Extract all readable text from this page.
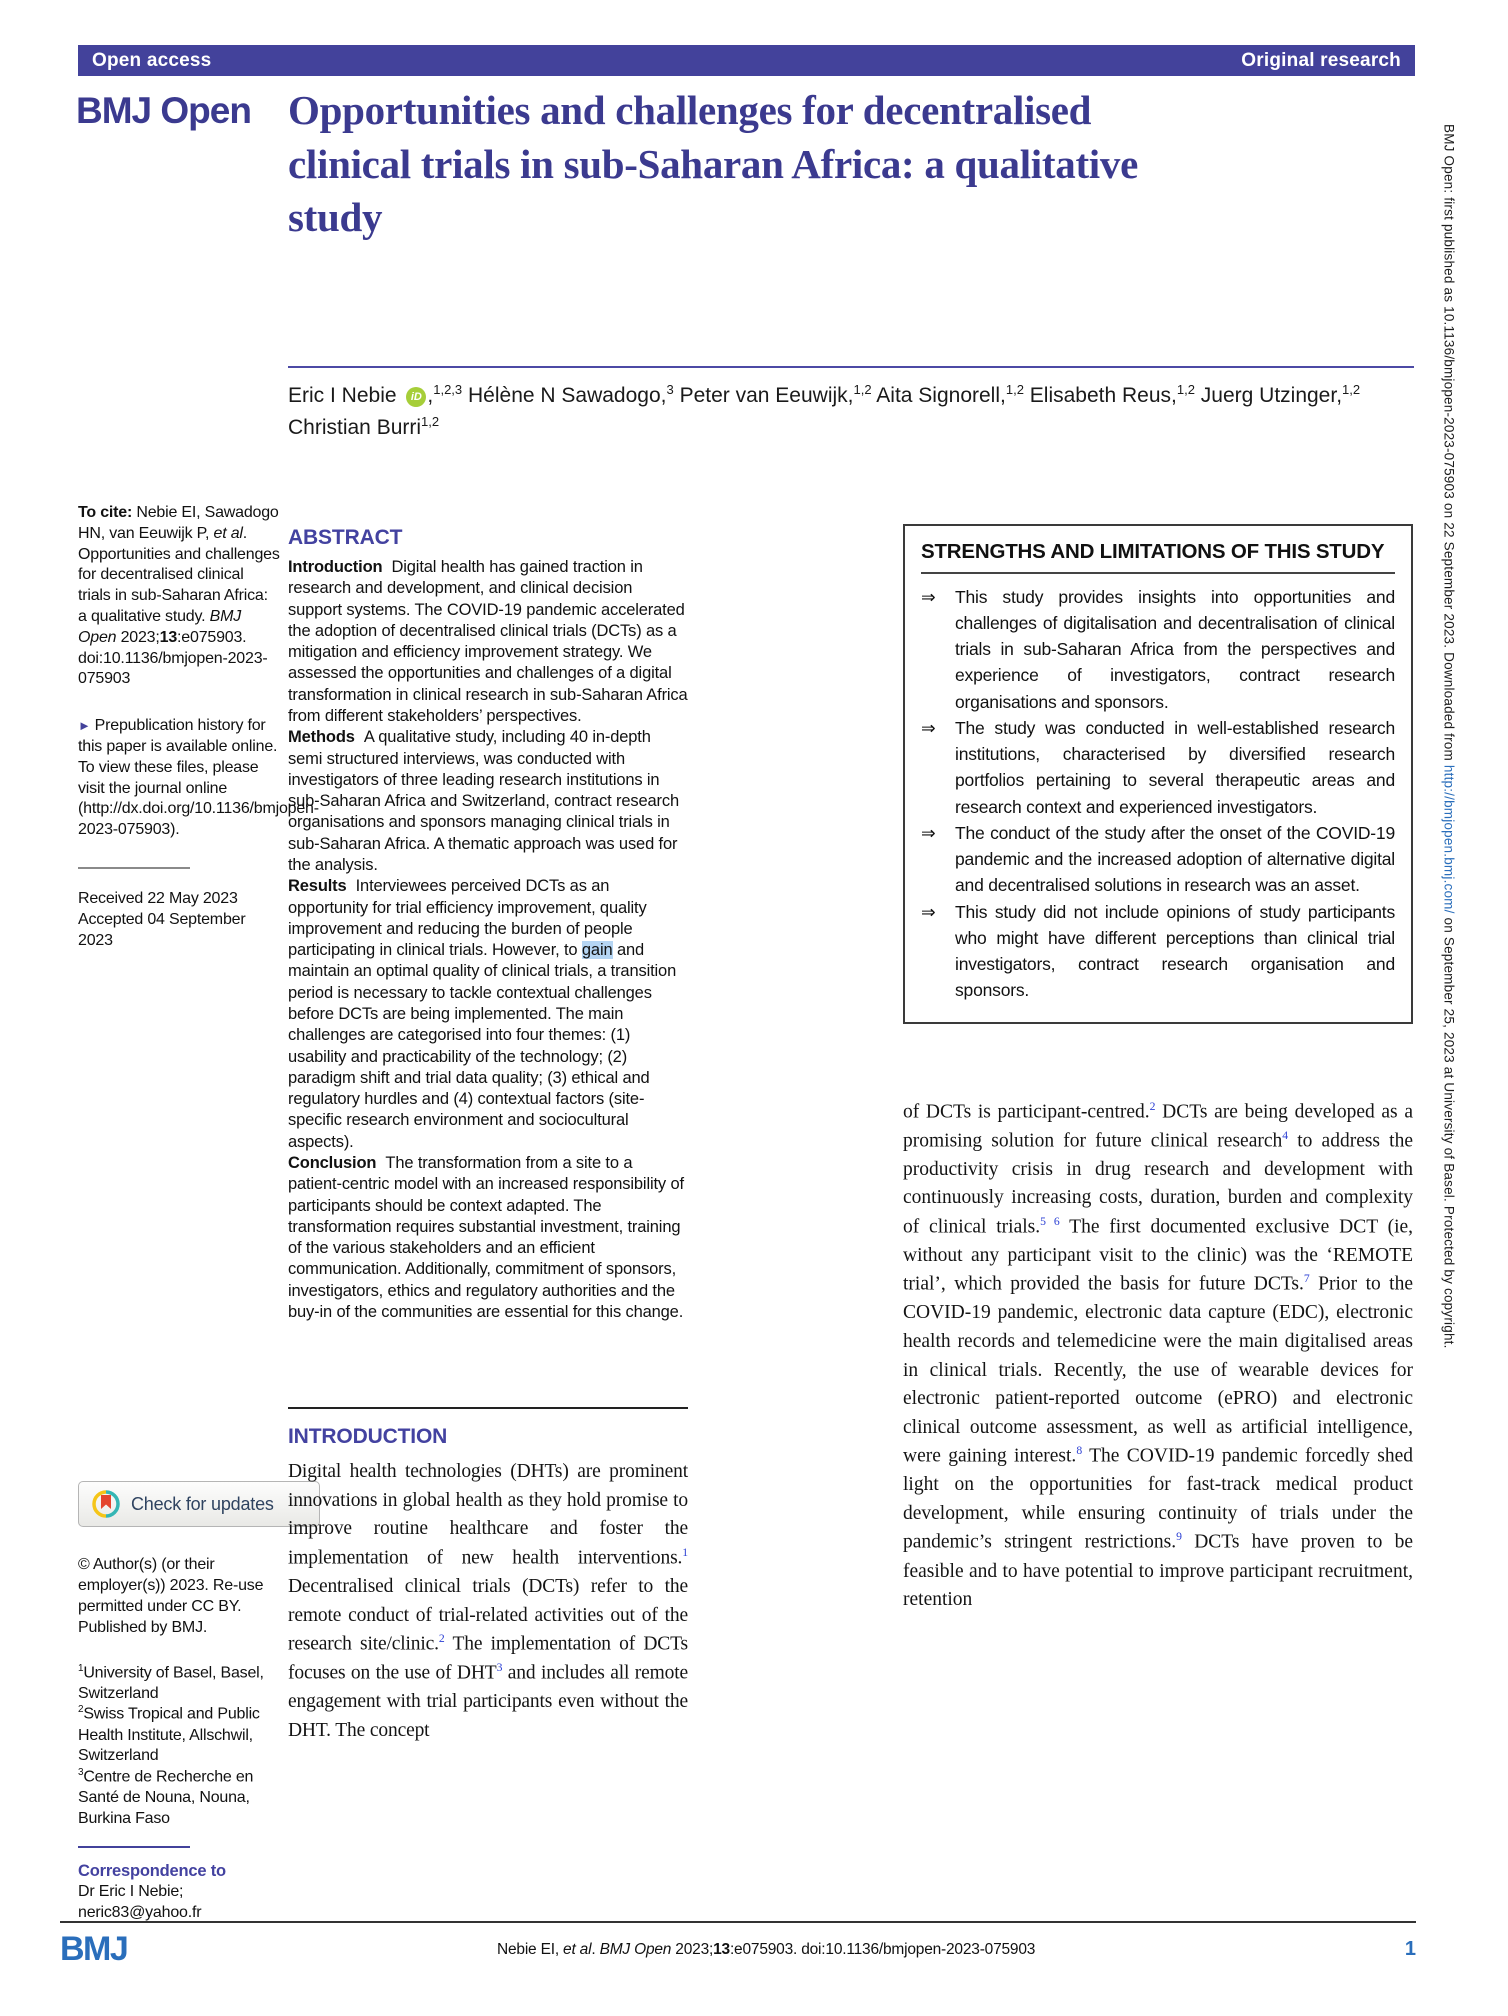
Open access	Original research
BMJ Open Opportunities and challenges for decentralised clinical trials in sub-Saharan Africa: a qualitative study
Eric I Nebie iD ,$^{1,2,3}$ Hélène N Sawadogo,$^3$ Peter van Eeuwijk,$^{1,2}$ Aita Signorell,$^{1,2}$ Elisabeth Reus,$^{1,2}$ Juerg Utzinger,$^{1,2}$ Christian Burri$^{1,2}$
To cite: Nebie EI, Sawadogo HN, van Eeuwijk P, et al. Opportunities and challenges for decentralised clinical trials in sub-Saharan Africa: a qualitative study. BMJ Open 2023;13:e075903. doi:10.1136/bmjopen-2023-075903
► Prepublication history for this paper is available online. To view these files, please visit the journal online (http://dx.doi.org/10.1136/bmjopen-2023-075903).
Received 22 May 2023
Accepted 04 September 2023
Check for updates
© Author(s) (or their employer(s)) 2023. Re-use permitted under CC BY. Published by BMJ.
$^1$University of Basel, Basel, Switzerland
$^2$Swiss Tropical and Public Health Institute, Allschwil, Switzerland
$^3$Centre de Recherche en Santé de Nouna, Nouna, Burkina Faso
Correspondence to
Dr Eric I Nebie;
neric83@yahoo.fr
ABSTRACT

Introduction Digital health has gained traction in research and development, and clinical decision support systems. The COVID-19 pandemic accelerated the adoption of decentralised clinical trials (DCTs) as a mitigation and efficiency improvement strategy. We assessed the opportunities and challenges of a digital transformation in clinical research in sub-Saharan Africa from different stakeholders’ perspectives.

Methods A qualitative study, including 40 in-depth semi structured interviews, was conducted with investigators of three leading research institutions in sub-Saharan Africa and Switzerland, contract research organisations and sponsors managing clinical trials in sub-Saharan Africa. A thematic approach was used for the analysis.

Results Interviewees perceived DCTs as an opportunity for trial efficiency improvement, quality improvement and reducing the burden of people participating in clinical trials. However, to gain and maintain an optimal quality of clinical trials, a transition period is necessary to tackle contextual challenges before DCTs are being implemented. The main challenges are categorised into four themes: (1) usability and practicability of the technology; (2) paradigm shift and trial data quality; (3) ethical and regulatory hurdles and (4) contextual factors (site-specific research environment and sociocultural aspects).

Conclusion The transformation from a site to a patient-centric model with an increased responsibility of participants should be context adapted. The transformation requires substantial investment, training of the various stakeholders and an efficient communication. Additionally, commitment of sponsors, investigators, ethics and regulatory authorities and the buy-in of the communities are essential for this change.

INTRODUCTION
Digital health technologies (DHTs) are prominent innovations in global health as they hold promise to improve routine healthcare and foster the implementation of new health interventions.$^1$ Decentralised clinical trials (DCTs) refer to the remote conduct of trial-related activities out of the research site/clinic.$^2$ The implementation of DCTs focuses on the use of DHT$^3$ and includes all remote engagement with trial participants even without the DHT. The concept
STRENGTHS AND LIMITATIONS OF THIS STUDY
⇒	This study provides insights into opportunities and challenges of digitalisation and decentralisation of clinical trials in sub-Saharan Africa from the perspectives and experience of investigators, contract research organisations and sponsors.
⇒	The study was conducted in well-established research institutions, characterised by diversified research portfolios pertaining to several therapeutic areas and research context and experienced investigators.
⇒	The conduct of the study after the onset of the COVID-19 pandemic and the increased adoption of alternative digital and decentralised solutions in research was an asset.
⇒	This study did not include opinions of study participants who might have different perceptions than clinical trial investigators, contract research organisation and sponsors.
of DCTs is participant-centred.$^2$ DCTs are being developed as a promising solution for future clinical research$^4$ to address the productivity crisis in drug research and development with continuously increasing costs, duration, burden and complexity of clinical trials.$^{5 6}$ The first documented exclusive DCT (ie, without any participant visit to the clinic) was the ‘REMOTE trial’, which provided the basis for future DCTs.$^7$ Prior to the COVID-19 pandemic, electronic data capture (EDC), electronic health records and telemedicine were the main digitalised areas in clinical trials. Recently, the use of wearable devices for electronic patient-reported outcome (ePRO) and electronic clinical outcome assessment, as well as artificial intelligence, were gaining interest.$^8$ The COVID-19 pandemic forcedly shed light on the opportunities for fast-track medical product development, while ensuring continuity of trials under the pandemic’s stringent restrictions.$^9$ DCTs have proven to be feasible and to have potential to improve participant recruitment, retention
BMJ	Nebie EI, et al. BMJ Open 2023;13:e075903. doi:10.1136/bmjopen-2023-075903	1
BMJ Open: first published as 10.1136/bmjopen-2023-075903 on 22 September 2023. Downloaded from http://bmjopen.bmj.com/ on September 25, 2023 at University of Basel. Protected by copyright.
